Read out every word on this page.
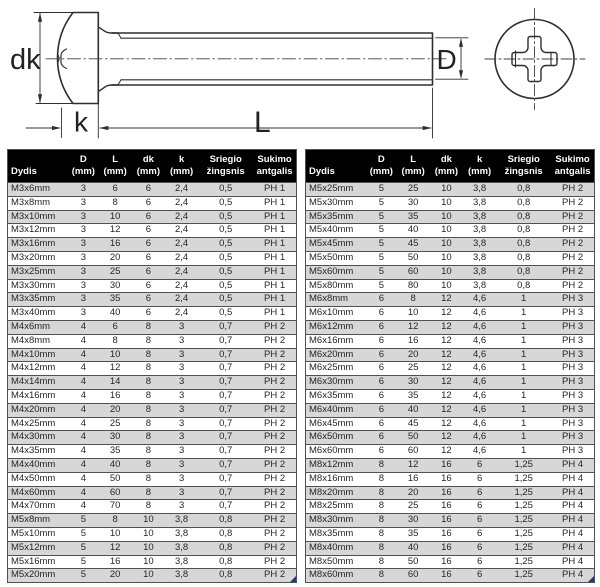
dk
k	L
D
Dydis

D
(mm)

L
(mm)

dk
(mm)

k
(mm)

Sriegio
žingsnis

Sukimo
antgalis

M3x6mm	3	6	6	2,4	0,5	PH 1
M3x8mm	3	8	6	2,4	0,5	PH 1
M3x10mm	3	10	6	2,4	0,5	PH 1
M3x12mm	3	12	6	2,4	0,5	PH 1
M3x16mm	3	16	6	2,4	0,5	PH 1
M3x20mm	3	20	6	2,4	0,5	PH 1
M3x25mm	3	25	6	2,4	0,5	PH 1
M3x30mm	3	30	6	2,4	0,5	PH 1
M3x35mm	3	35	6	2,4	0,5	PH 1
M3x40mm	3	40	6	2,4	0,5	PH 1
M4x6mm	4	6	8	3	0,7	PH 2
M4x8mm	4	8	8	3	0,7	PH 2
M4x10mm	4	10	8	3	0,7	PH 2
M4x12mm	4	12	8	3	0,7	PH 2
M4x14mm	4	14	8	3	0,7	PH 2
M4x16mm	4	16	8	3	0,7	PH 2
M4x20mm	4	20	8	3	0,7	PH 2
M4x25mm	4	25	8	3	0,7	PH 2
M4x30mm	4	30	8	3	0,7	PH 2
M4x35mm	4	35	8	3	0,7	PH 2
M4x40mm	4	40	8	3	0,7	PH 2
M4x50mm	4	50	8	3	0,7	PH 2
M4x60mm	4	60	8	3	0,7	PH 2
M4x70mm	4	70	8	3	0,7	PH 2
M5x8mm	5	8	10	3,8	0,8	PH 2
M5x10mm	5	10	10	3,8	0,8	PH 2
M5x12mm	5	12	10	3,8	0,8	PH 2
M5x16mm	5	16	10	3,8	0,8	PH 2
M5x20mm	5	20	10	3,8	0,8	PH 2
Dydis

D
(mm)

L
(mm)

dk
(mm)

k
(mm)

Sriegio
žingsnis

Sukimo
antgalis

M5x25mm	5	25	10	3,8	0,8	PH 2
M5x30mm	5	30	10	3,8	0,8	PH 2
M5x35mm	5	35	10	3,8	0,8	PH 2
M5x40mm	5	40	10	3,8	0,8	PH 2
M5x45mm	5	45	10	3,8	0,8	PH 2
M5x50mm	5	50	10	3,8	0,8	PH 2
M5x60mm	5	60	10	3,8	0,8	PH 2
M5x80mm	5	80	10	3,8	0,8	PH 2
M6x8mm	6	8	12	4,6	1	PH 3
M6x10mm	6	10	12	4,6	1	PH 3
M6x12mm	6	12	12	4,6	1	PH 3
M6x16mm	6	16	12	4,6	1	PH 3
M6x20mm	6	20	12	4,6	1	PH 3
M6x25mm	6	25	12	4,6	1	PH 3
M6x30mm	6	30	12	4,6	1	PH 3
M6x35mm	6	35	12	4,6	1	PH 3
M6x40mm	6	40	12	4,6	1	PH 3
M6x45mm	6	45	12	4,6	1	PH 3
M6x50mm	6	50	12	4,6	1	PH 3
M6x60mm	6	60	12	4,6	1	PH 3
M8x12mm	8	12	16	6	1,25	PH 4
M8x16mm	8	16	16	6	1,25	PH 4
M8x20mm	8	20	16	6	1,25	PH 4
M8x25mm	8	25	16	6	1,25	PH 4
M8x30mm	8	30	16	6	1,25	PH 4
M8x35mm	8	35	16	6	1,25	PH 4
M8x40mm	8	40	16	6	1,25	PH 4
M8x50mm	8	50	16	6	1,25	PH 4
M8x60mm	8	60	16	6	1,25	PH 4
